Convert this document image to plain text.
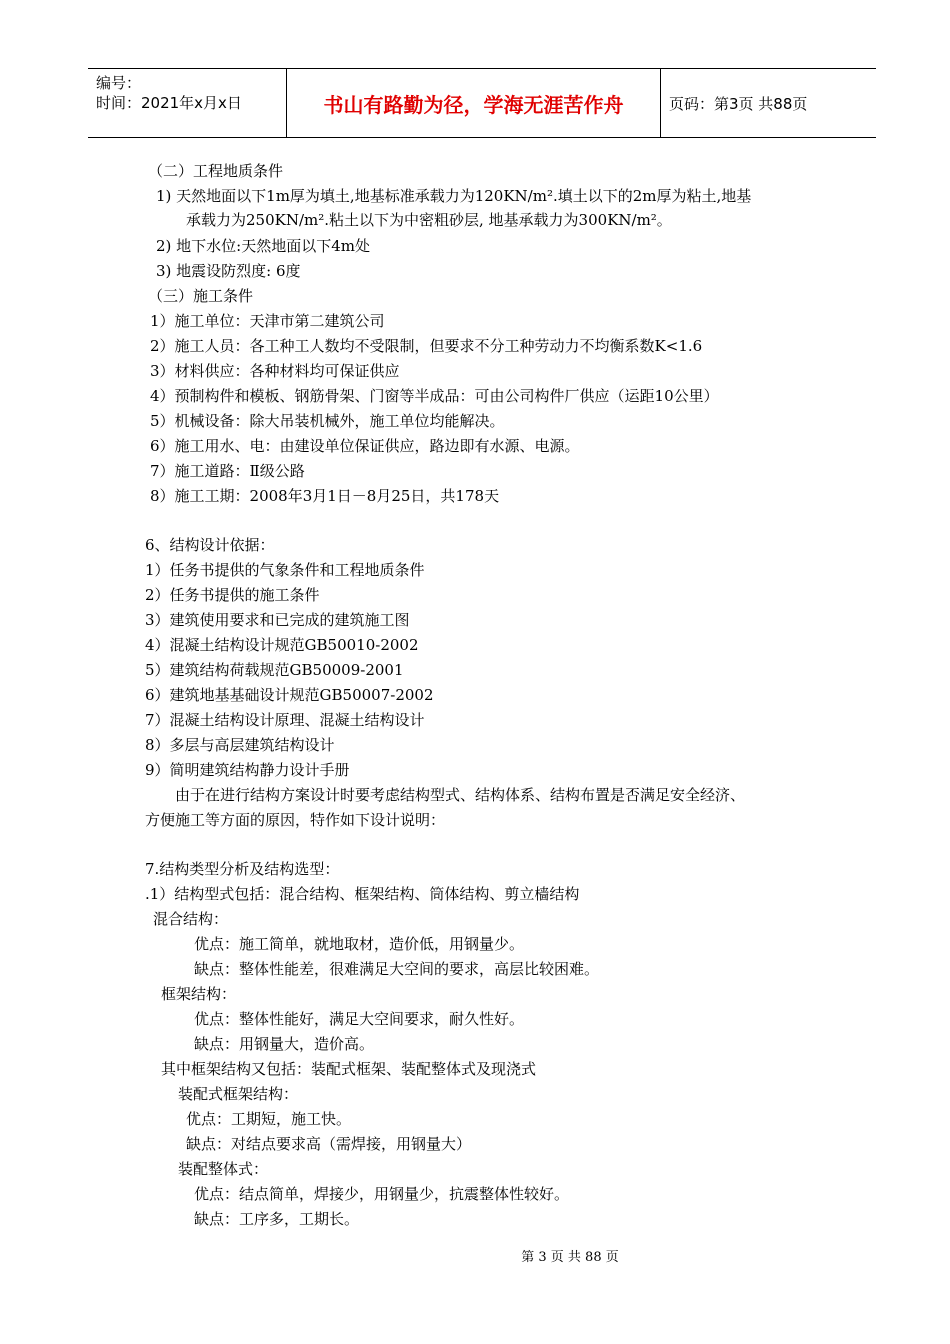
编号：
时间：2021年x月x日	书山有路勤为径，学海无涯苦作舟	页码：第3页 共88页
（二）工程地质条件
1) 天然地面以下1m厚为填土,地基标准承载力为120KN/m².填土以下的2m厚为粘土,地基
承载力为250KN/m².粘土以下为中密粗砂层, 地基承载力为300KN/m²。
2) 地下水位:天然地面以下4m处
3) 地震设防烈度: 6度
（三）施工条件
1）施工单位：天津市第二建筑公司
2）施工人员：各工种工人数均不受限制，但要求不分工种劳动力不均衡系数K<1.6
3）材料供应：各种材料均可保证供应
4）预制构件和模板、钢筋骨架、门窗等半成品：可由公司构件厂供应（运距10公里）
5）机械设备：除大吊装机械外，施工单位均能解决。
6）施工用水、电：由建设单位保证供应，路边即有水源、电源。
7）施工道路：Ⅱ级公路
8）施工工期：2008年3月1日－8月25日，共178天
6、结构设计依据：
1）任务书提供的气象条件和工程地质条件
2）任务书提供的施工条件
3）建筑使用要求和已完成的建筑施工图
4）混凝土结构设计规范GB50010-2002
5）建筑结构荷载规范GB50009-2001
6）建筑地基基础设计规范GB50007-2002
7）混凝土结构设计原理、混凝土结构设计
8）多层与高层建筑结构设计
9）简明建筑结构静力设计手册
由于在进行结构方案设计时要考虑结构型式、结构体系、结构布置是否满足安全经济、
方便施工等方面的原因，特作如下设计说明：
7.结构类型分析及结构选型：
.1）结构型式包括：混合结构、框架结构、筒体结构、剪立樯结构
混合结构：
优点：施工简单，就地取材，造价低，用钢量少。
缺点：整体性能差，很难满足大空间的要求，高层比较困难。
框架结构：
优点：整体性能好，满足大空间要求，耐久性好。
缺点：用钢量大，造价高。
其中框架结构又包括：装配式框架、装配整体式及现浇式
装配式框架结构：
优点：工期短，施工快。
缺点：对结点要求高（需焊接，用钢量大）
装配整体式：
优点：结点简单，焊接少，用钢量少，抗震整体性较好。
缺点：工序多，工期长。
第 3 页 共 88 页
